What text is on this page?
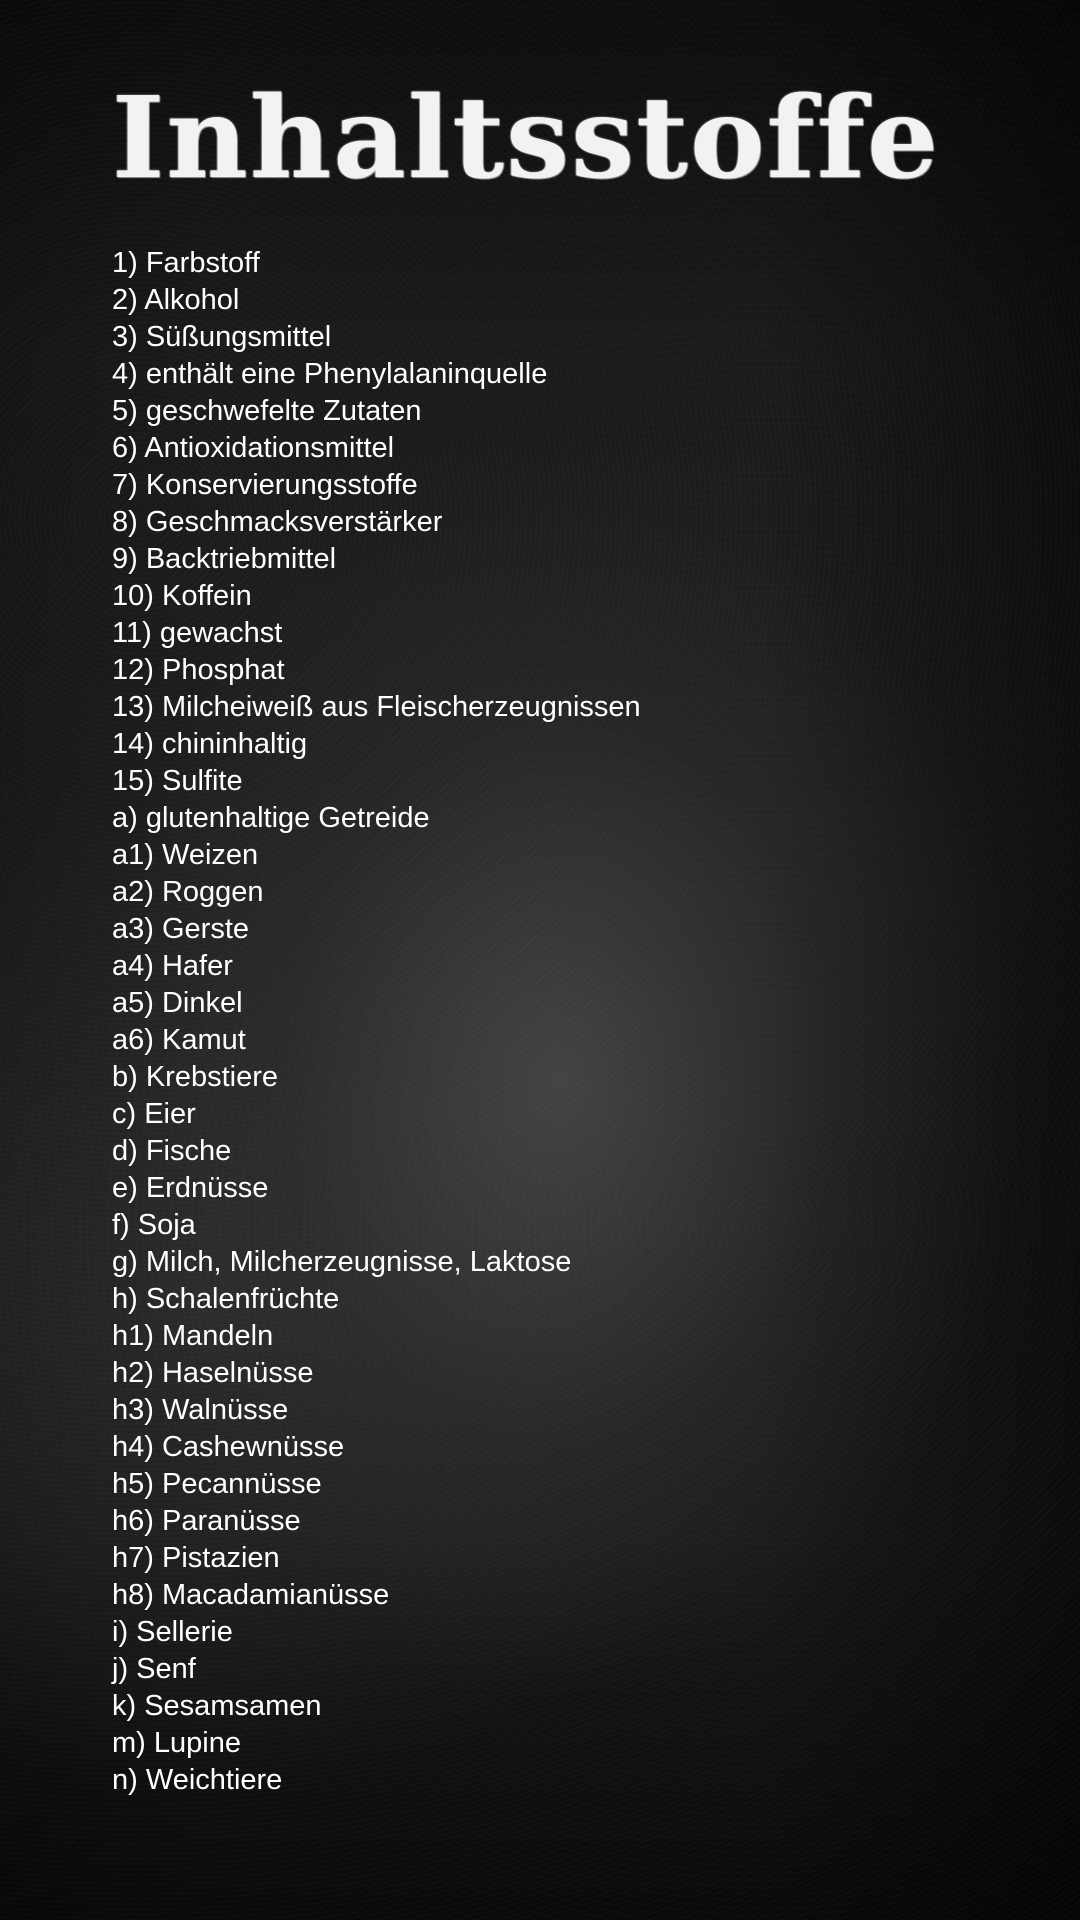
Inhaltsstoffe
1) Farbstoff
2) Alkohol
3) Süßungsmittel
4) enthält eine Phenylalaninquelle
5) geschwefelte Zutaten
6) Antioxidationsmittel
7) Konservierungsstoffe
8) Geschmacksverstärker
9) Backtriebmittel
10) Koffein
11) gewachst
12) Phosphat
13) Milcheiweiß aus Fleischerzeugnissen
14) chininhaltig
15) Sulfite
a) glutenhaltige Getreide
a1) Weizen
a2) Roggen
a3) Gerste
a4) Hafer
a5) Dinkel
a6) Kamut
b) Krebstiere
c) Eier
d) Fische
e) Erdnüsse
f) Soja
g) Milch, Milcherzeugnisse, Laktose
h) Schalenfrüchte
h1) Mandeln
h2) Haselnüsse
h3) Walnüsse
h4) Cashewnüsse
h5) Pecannüsse
h6) Paranüsse
h7) Pistazien
h8) Macadamianüsse
i) Sellerie
j) Senf
k) Sesamsamen
m) Lupine
n) Weichtiere
